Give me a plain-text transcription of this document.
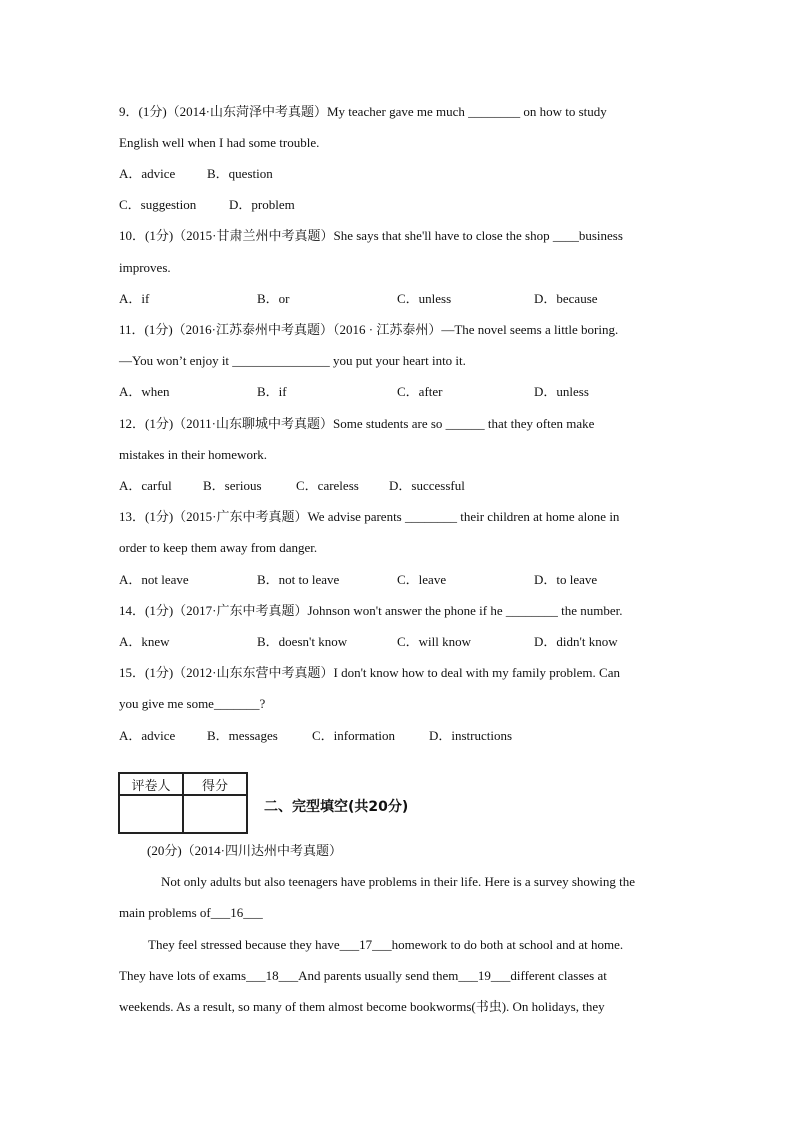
9．(1分)（2014·山东菏泽中考真题）My teacher gave me much ________ on how to study
English well when I had some trouble.
A．advice B．question
C．suggestion	D．problem
10．(1分)（2015·甘肃兰州中考真题）She says that she'll have to close the shop ____business
improves.
A．if	B．or	C．unless	D．because
11．(1分)（2016·江苏泰州中考真题）（2016 · 江苏泰州）—The novel seems a little boring.
—You won’t enjoy it _______________ you put your heart into it.
A．when	B．if	C．after	D．unless
12．(1分)（2011·山东聊城中考真题）Some students are so ______ that they often make
mistakes in their homework.
A．carful B．serious	C．careless D．successful
13．(1分)（2015·广东中考真题）We advise parents ________ their children at home alone in
order to keep them away from danger.
A．not leave	B．not to leave	C．leave	D．to leave
14．(1分)（2017·广东中考真题）Johnson won't answer the phone if he ________ the number.
A．knew	B．doesn't know	C．will know	D．didn't know
15．(1分)（2012·山东东营中考真题）I don't know how to deal with my family problem. Can
you give me some_______?
A．advice B．messages	C．information	D．instructions
评卷人	得分

二、完型填空(共20分)
(20分)（2014·四川达州中考真题）
Not only adults but also teenagers have problems in their life. Here is a survey showing the
main problems of___16___
They feel stressed because they have___17___homework to do both at school and at home.
They have lots of exams___18___And parents usually send them___19___different classes at
weekends. As a result, so many of them almost become bookworms(书虫). On holidays, they
